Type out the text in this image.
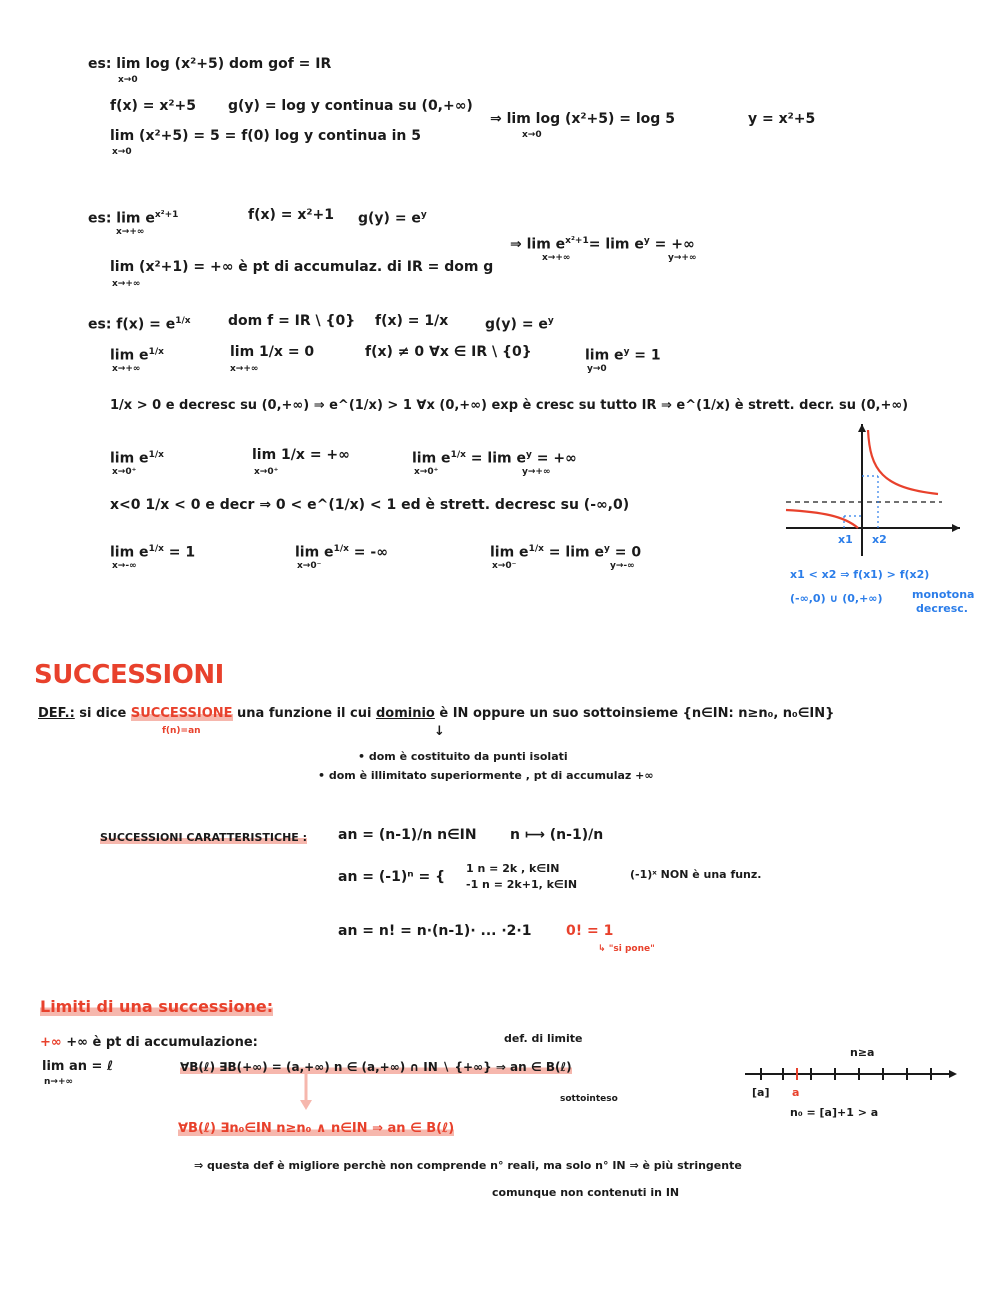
es: lim log (x²+5) dom gof = IR
x→0
f(x) = x²+5 g(y) = log y continua su (0,+∞)
lim (x²+5) = 5 = f(0) log y continua in 5
x→0
⇒ lim log (x²+5) = log 5
x→0
y = x²+5
es: $\lim e^{x^2+1}$
x→+∞
f(x) = x²+1 $g(y) = e^y$
lim (x²+1) = +∞ è pt di accumulaz. di IR = dom g
x→+∞
⇒ $\lim e^{x^2+1}= \lim e^y$ = +∞
x→+∞	y→+∞
es: $f(x) = e^{1/x}$	dom f = IR \ {0} f(x) = 1/x	$g(y) = e^y$
$\lim e^{1/x}$
x→+∞
lim 1/x = 0
x→+∞
f(x) ≠ 0 ∀x ∈ IR \ {0}	$\lim e^y = 1$
y→0
1/x > 0 e decresc su (0,+∞) ⇒ e^(1/x) > 1 ∀x (0,+∞) exp è cresc su tutto IR ⇒ e^(1/x) è strett. decr. su (0,+∞)
$\lim e^{1/x}$
x→0⁺
lim 1/x = +∞
x→0⁺
$\lim e^{1/x} = \lim e^y$ = +∞
x→0⁺	y→+∞
x<0 1/x < 0 e decr ⇒ 0 < e^(1/x) < 1 ed è strett. decresc su (-∞,0)
$\lim e^{1/x} = 1$
x→-∞
$\lim e^{1/x}$ = -∞
x→0⁻
$\lim e^{1/x} = \lim e^y = 0$
x→0⁻	y→-∞
x1 x2
x1 < x2 ⇒ f(x1) > f(x2)
(-∞,0) ∪ (0,+∞)	monotona
decresc.
SUCCESSIONI
DEF.: si dice SUCCESSIONE una funzione il cui dominio è IN oppure un suo sottoinsieme {n∈IN: n≥n₀, n₀∈IN}
f(n)=an	↓
• dom è costituito da punti isolati
• dom è illimitato superiormente , pt di accumulaz +∞
SUCCESSIONI CARATTERISTICHE : an = (n-1)/n n∈IN n ⟼ (n-1)/n
an = (-1)ⁿ = {
1 n = 2k , k∈IN
-1 n = 2k+1, k∈IN
(-1)ˣ NON è una funz.
an = n! = n·(n-1)· ... ·2·1 0! = 1
↳ "si pone"
Limiti di una successione:
+∞ +∞ è pt di accumulazione:	def. di limite
lim an = ℓ
n→+∞
∀B(ℓ) ∃B(+∞) = (a,+∞) n ∈ (a,+∞) ∩ IN ∖ {+∞} ⇒ an ∈ B(ℓ)
sottointeso
∀B(ℓ) ∃n₀∈IN n≥n₀ ∧ n∈IN ⇒ an ∈ B(ℓ)
⇒ questa def è migliore perchè non comprende n° reali, ma solo n° IN ⇒ è più stringente
comunque non contenuti in IN
n≥a
[a] a
n₀ = [a]+1 > a
